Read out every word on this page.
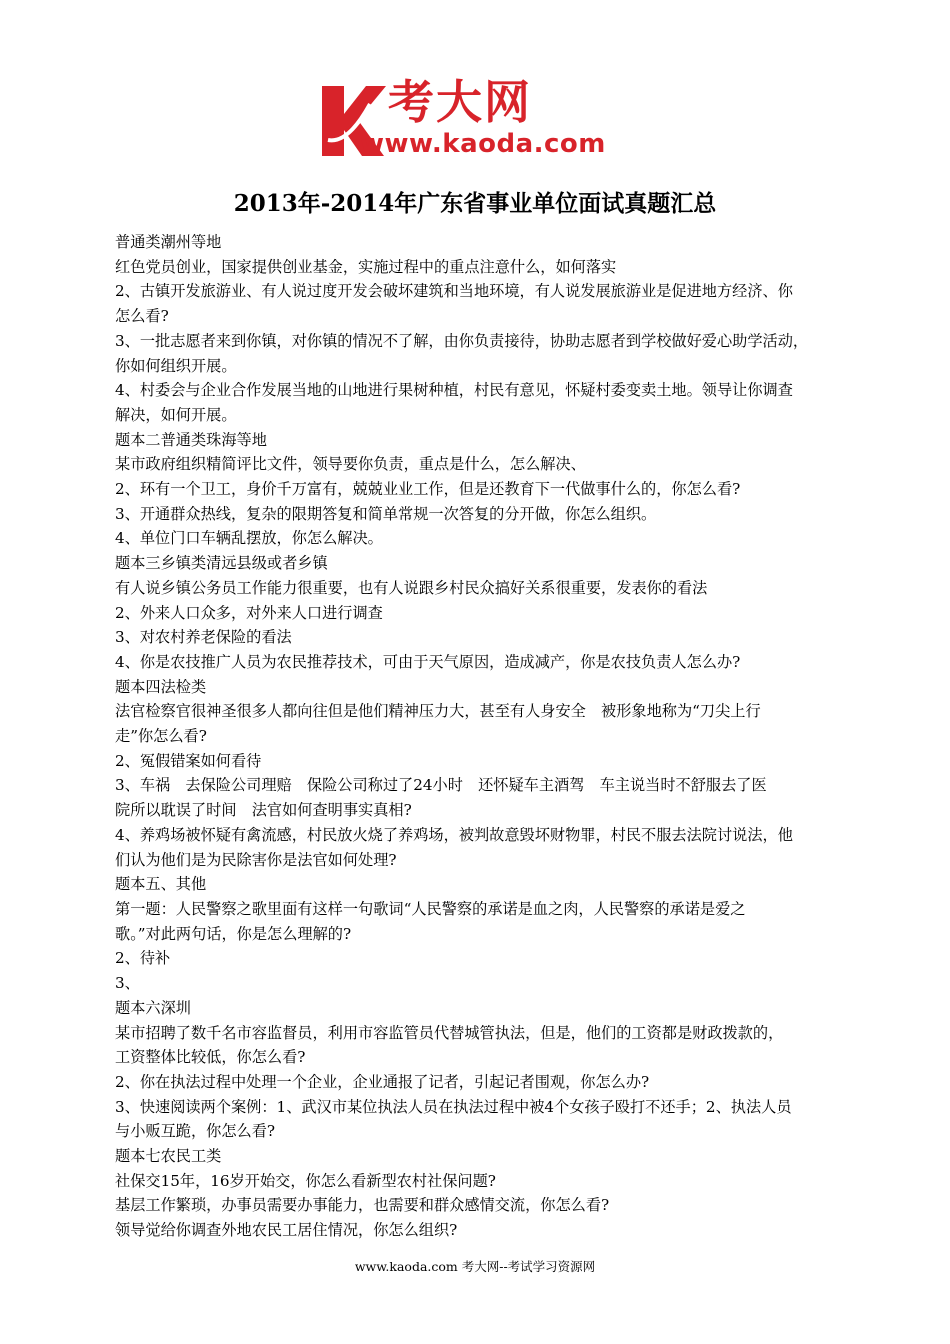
考大网
www.kaoda.com
2013年-2014年广东省事业单位面试真题汇总

普通类潮州等地

红色党员创业，国家提供创业基金，实施过程中的重点注意什么，如何落实

2、古镇开发旅游业、有人说过度开发会破坏建筑和当地环境，有人说发展旅游业是促进地方经济、你

怎么看?

3、一批志愿者来到你镇，对你镇的情况不了解，由你负责接待，协助志愿者到学校做好爱心助学活动，

你如何组织开展。

4、村委会与企业合作发展当地的山地进行果树种植，村民有意见，怀疑村委变卖土地。领导让你调查

解决，如何开展。

题本二普通类珠海等地

某市政府组织精简评比文件，领导要你负责，重点是什么，怎么解决、

2、环有一个卫工，身价千万富有，兢兢业业工作，但是还教育下一代做事什么的，你怎么看?

3、开通群众热线，复杂的限期答复和简单常规一次答复的分开做，你怎么组织。

4、单位门口车辆乱摆放，你怎么解决。

题本三乡镇类清远县级或者乡镇

有人说乡镇公务员工作能力很重要，也有人说跟乡村民众搞好关系很重要，发表你的看法

2、外来人口众多，对外来人口进行调查

3、对农村养老保险的看法

4、你是农技推广人员为农民推荐技术，可由于天气原因，造成减产，你是农技负责人怎么办?

题本四法检类

法官检察官很神圣很多人都向往但是他们精神压力大，甚至有人身安全　被形象地称为“刀尖上行

走”你怎么看?

2、冤假错案如何看待

3、车祸　去保险公司理赔　保险公司称过了24小时　还怀疑车主酒驾　车主说当时不舒服去了医

院所以耽误了时间　法官如何查明事实真相?

4、养鸡场被怀疑有禽流感，村民放火烧了养鸡场，被判故意毁坏财物罪，村民不服去法院讨说法，他

们认为他们是为民除害你是法官如何处理?

题本五、其他

第一题：人民警察之歌里面有这样一句歌词“人民警察的承诺是血之肉，人民警察的承诺是爱之

歌。”对此两句话，你是怎么理解的?

2、待补

3、

题本六深圳

某市招聘了数千名市容监督员，利用市容监管员代替城管执法，但是，他们的工资都是财政拨款的，

工资整体比较低，你怎么看?

2、你在执法过程中处理一个企业，企业通报了记者，引起记者围观，你怎么办?

3、快速阅读两个案例：1、武汉市某位执法人员在执法过程中被4个女孩子殴打不还手；2、执法人员

与小贩互跪，你怎么看?

题本七农民工类

社保交15年，16岁开始交，你怎么看新型农村社保问题?

基层工作繁琐，办事员需要办事能力，也需要和群众感情交流，你怎么看?

领导觉给你调查外地农民工居住情况，你怎么组织?

www.kaoda.com 考大网--考试学习资源网
